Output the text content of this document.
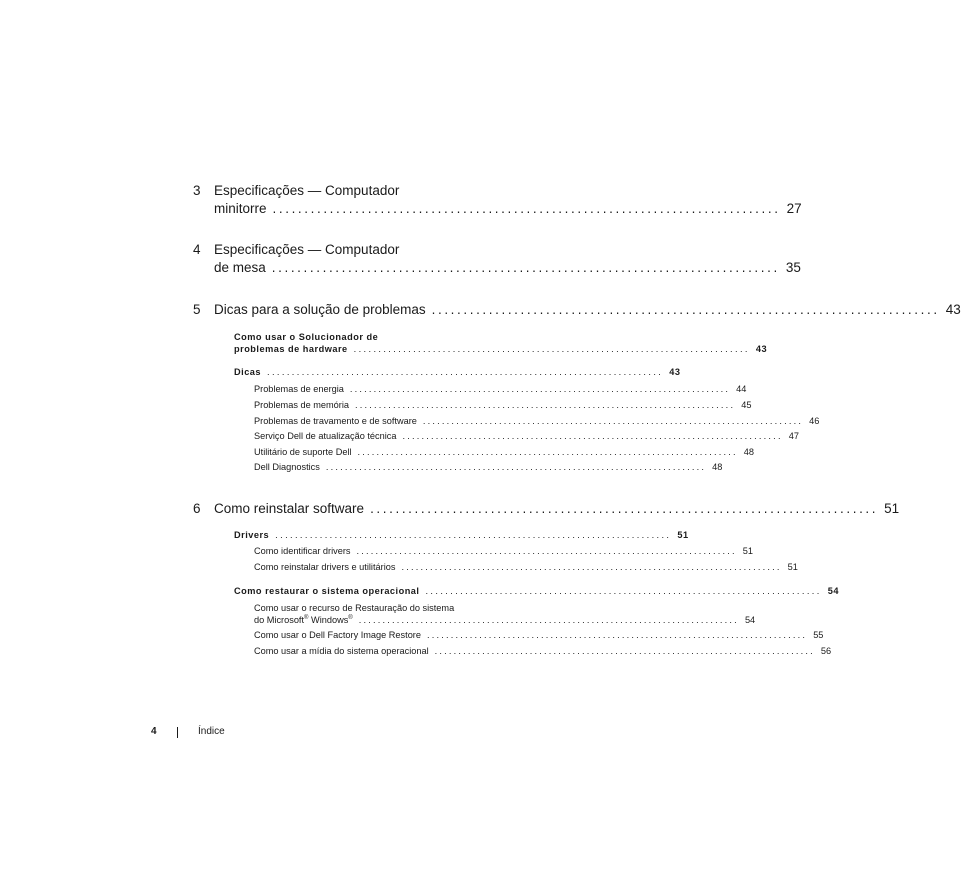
3 Especificações — Computador
minitorre ................................................................................ 27
4 Especificações — Computador
de mesa ................................................................................ 35
5 Dicas para a solução de problemas ................................................................................ 43
Como usar o Solucionador de
problemas de hardware ................................................................................ 43
Dicas ................................................................................ 43
Problemas de energia ................................................................................ 44
Problemas de memória ................................................................................ 45
Problemas de travamento e de software ................................................................................ 46
Serviço Dell de atualização técnica ................................................................................ 47
Utilitário de suporte Dell ................................................................................ 48
Dell Diagnostics ................................................................................ 48
6 Como reinstalar software ................................................................................ 51
Drivers ................................................................................ 51
Como identificar drivers ................................................................................ 51
Como reinstalar drivers e utilitários ................................................................................ 51
Como restaurar o sistema operacional ................................................................................ 54
Como usar o recurso de Restauração do sistema
do Microsoft® Windows® ................................................................................ 54
Como usar o Dell Factory Image Restore ................................................................................ 55
Como usar a mídia do sistema operacional ................................................................................ 56
4	Índice
